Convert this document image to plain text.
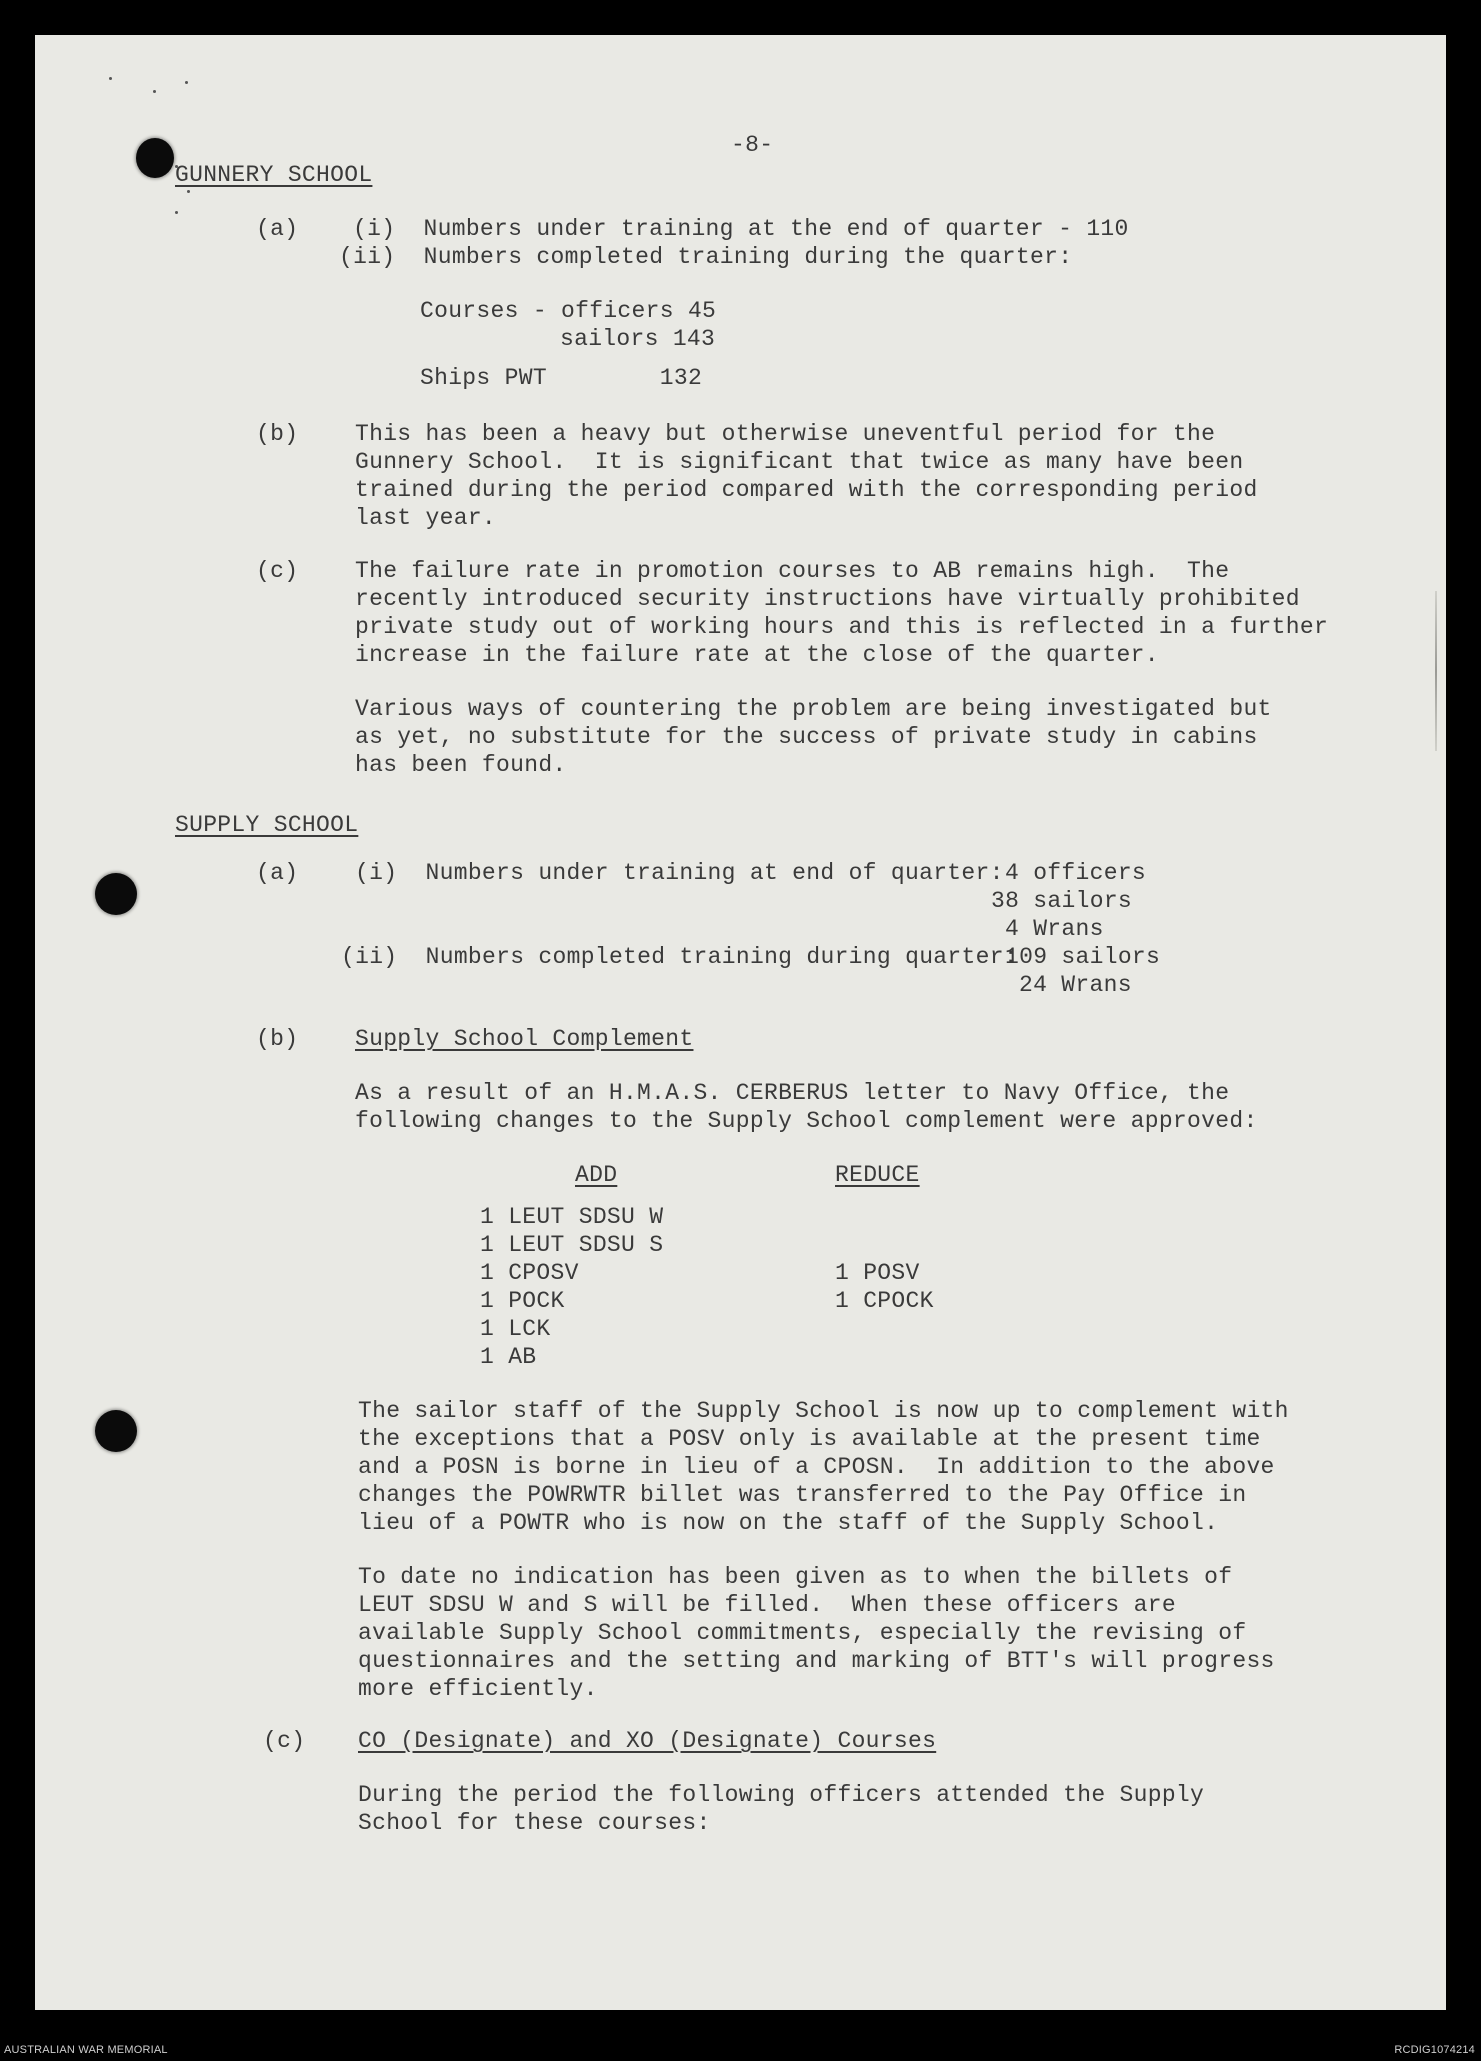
-8-

GUNNERY SCHOOL

(a) (i)  Numbers under training at the end of quarter - 110

(ii)  Numbers completed training during the quarter:

Courses - officers 45

sailors 143

Ships PWT        132

(b) This has been a heavy but otherwise uneventful period for the

Gunnery School.  It is significant that twice as many have been

trained during the period compared with the corresponding period

last year.

(c) The failure rate in promotion courses to AB remains high.  The

recently introduced security instructions have virtually prohibited

private study out of working hours and this is reflected in a further

increase in the failure rate at the close of the quarter.

Various ways of countering the problem are being investigated but

as yet, no substitute for the success of private study in cabins

has been found.

SUPPLY SCHOOL

(a) (i)  Numbers under training at end of quarter: 4 officers

38 sailors

4 Wrans

(ii)  Numbers completed training during quarter:

109 sailors

24 Wrans

(b) Supply School Complement

As a result of an H.M.A.S. CERBERUS letter to Navy Office, the

following changes to the Supply School complement were approved:

ADD	REDUCE

1 LEUT SDSU W

1 LEUT SDSU S

1 CPOSV

1 POCK

1 LCK

1 AB

1 POSV

1 CPOCK

The sailor staff of the Supply School is now up to complement with

the exceptions that a POSV only is available at the present time

and a POSN is borne in lieu of a CPOSN.  In addition to the above

changes the POWRWTR billet was transferred to the Pay Office in

lieu of a POWTR who is now on the staff of the Supply School.

To date no indication has been given as to when the billets of

LEUT SDSU W and S will be filled.  When these officers are

available Supply School commitments, especially the revising of

questionnaires and the setting and marking of BTT's will progress

more efficiently.

(c) CO (Designate) and XO (Designate) Courses

During the period the following officers attended the Supply

School for these courses:

AUSTRALIAN WAR MEMORIAL	RCDIG1074214
